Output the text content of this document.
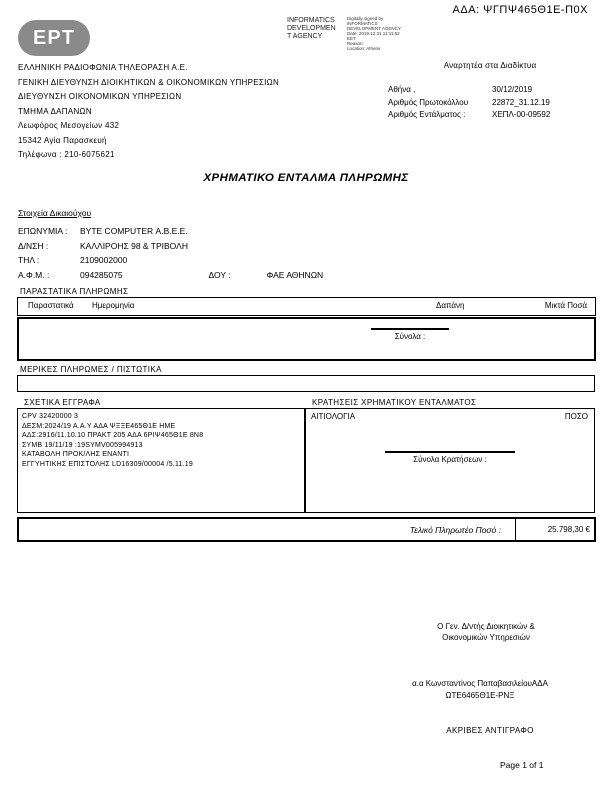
ΑΔΑ: ΨΓΠΨ465Θ1Ε-Π0Χ
ΕΡΤ
INFORMATICS
DEVELOPMEN
T AGENCY
Digitally signed by
INFORMATICS
DEVELOPMENT AGENCY
Date: 2019.12.31 11:11:52
EET
Reason:
Location: Athens
ΕΛΛΗΝΙΚΗ ΡΑΔΙΟΦΩΝΙΑ ΤΗΛΕΟΡΑΣΗ Α.Ε.
ΓΕΝΙΚΗ ΔΙΕΥΘΥΝΣΗ ΔΙΟΙΚΗΤΙΚΩΝ & ΟΙΚΟΝΟΜΙΚΩΝ ΥΠΗΡΕΣΙΩΝ
ΔΙΕΥΘΥΝΣΗ ΟΙΚΟΝΟΜΙΚΩΝ ΥΠΗΡΕΣΙΩΝ
ΤΜΗΜΑ ΔΑΠΑΝΩΝ
Λεωφόρος Μεσογείων 432
15342 Αγία Παρασκευή
Τηλέφωνα : 210-6075621
Αναρτητέα στα Διαδίκτυα
Αθήνα ,	30/12/2019
Αριθμός Πρωτοκόλλου	22872_31.12.19
Αριθμός Εντάλματος :	ΧΕΠΛ-00-09592
ΧΡΗΜΑΤΙΚΟ ΕΝΤΑΛΜΑ ΠΛΗΡΩΜΗΣ
Στοιχεία Δικαιούχου
ΕΠΩΝΥΜΙΑ :	BYTE COMPUTER Α.Β.Ε.Ε.
Δ/ΝΣΗ :	ΚΑΛΛΙΡΟΗΣ 98 & ΤΡΙΒΟΛΗ
ΤΗΛ :	2109002000
Α.Φ.Μ. :	094285075	ΔΟΥ :	ΦΑΕ ΑΘΗΝΩΝ
ΠΑΡΑΣΤΑΤΙΚΑ ΠΛΗΡΩΜΗΣ
Παραστατικά Ημερομηνία	Δαπάνη	Μικτά Ποσά
Σύνολα :
ΜΕΡΙΚΕΣ ΠΛΗΡΩΜΕΣ / ΠΙΣΤΩΤΙΚΑ
ΣΧΕΤΙΚΑ ΕΓΓΡΑΦΑ
CPV 32420000 3
ΔΕΣΜ:2024/19 Α.Α.Υ ΑΔΑ ΨΞΞΕ465Θ1Ε ΗΜΕ
ΑΔΣ:2916/11.10.10 ΠΡΑΚΤ 205 ΑΔΑ 6ΡΙΨ465Θ1Ε 8Ν8
ΣΥΜΒ 19/11/19 :19SYMV005994913
ΚΑΤΑΒΟΛΗ ΠΡΟΚ/ΛΗΣ ΕΝΑΝΤΙ
ΕΓΓΥΗΤΙΚΗΣ ΕΠΙΣΤΟΛΗΣ LD16309/00004 /5.11.19
ΚΡΑΤΗΣΕΙΣ ΧΡΗΜΑΤΙΚΟΥ ΕΝΤΑΛΜΑΤΟΣ
ΑΙΤΙΟΛΟΓΙΑ	ΠΟΣΟ
Σύνολα Κρατήσεων :
Τελικό Πληρωτέο Ποσό :	25.798,30 €
Ο Γεν. Δ/ντής Διοικητικών &
Οικονομικών Υπηρεσιών
α.α Κωνσταντίνος ΠαπαβασιλείουΑΔΑ
ΩΤΕ6465Θ1Ε-ΡΝΞ
ΑΚΡΙΒΕΣ ΑΝΤΙΓΡΑΦΟ
Page 1 of 1
